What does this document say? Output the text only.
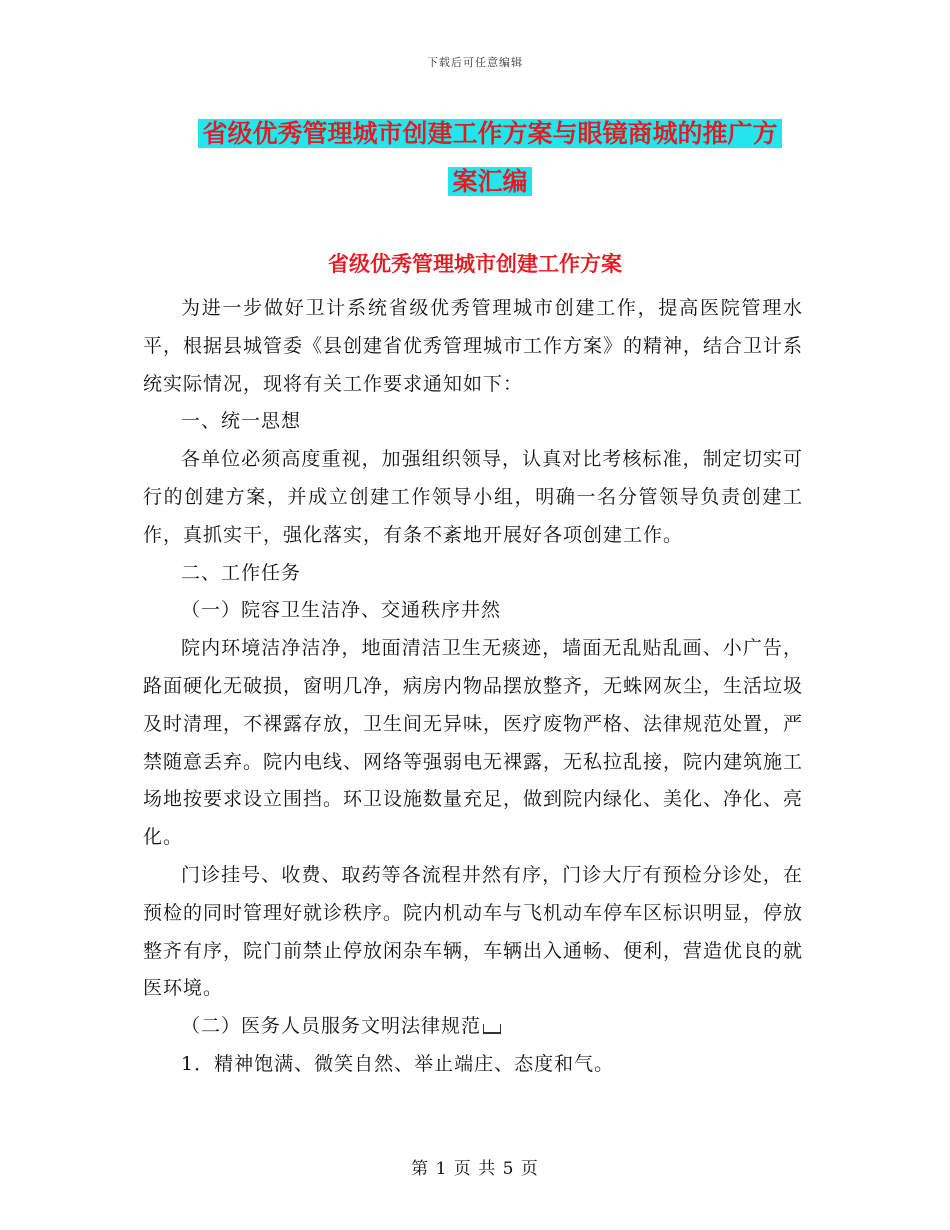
下载后可任意编辑
省级优秀管理城市创建工作方案与眼镜商城的推广方
案汇编
省级优秀管理城市创建工作方案

为进一步做好卫计系统省级优秀管理城市创建工作，提高医院管理水平，根据县城管委《县创建省优秀管理城市工作方案》的精神，结合卫计系统实际情况，现将有关工作要求通知如下：

一、统一思想

各单位必须高度重视，加强组织领导，认真对比考核标准，制定切实可行的创建方案，并成立创建工作领导小组，明确一名分管领导负责创建工作，真抓实干，强化落实，有条不紊地开展好各项创建工作。

二、工作任务

（一）院容卫生洁净、交通秩序井然

院内环境洁净洁净，地面清洁卫生无痰迹，墙面无乱贴乱画、小广告，路面硬化无破损，窗明几净，病房内物品摆放整齐，无蛛网灰尘，生活垃圾及时清理，不裸露存放，卫生间无异味，医疗废物严格、法律规范处置，严禁随意丢弃。院内电线、网络等强弱电无裸露，无私拉乱接，院内建筑施工场地按要求设立围挡。环卫设施数量充足，做到院内绿化、美化、净化、亮化。

门诊挂号、收费、取药等各流程井然有序，门诊大厅有预检分诊处，在预检的同时管理好就诊秩序。院内机动车与飞机动车停车区标识明显，停放整齐有序，院门前禁止停放闲杂车辆，车辆出入通畅、便利，营造优良的就医环境。

（二）医务人员服务文明法律规范

1．精神饱满、微笑自然、举止端庄、态度和气。

第 1 页 共 5 页
